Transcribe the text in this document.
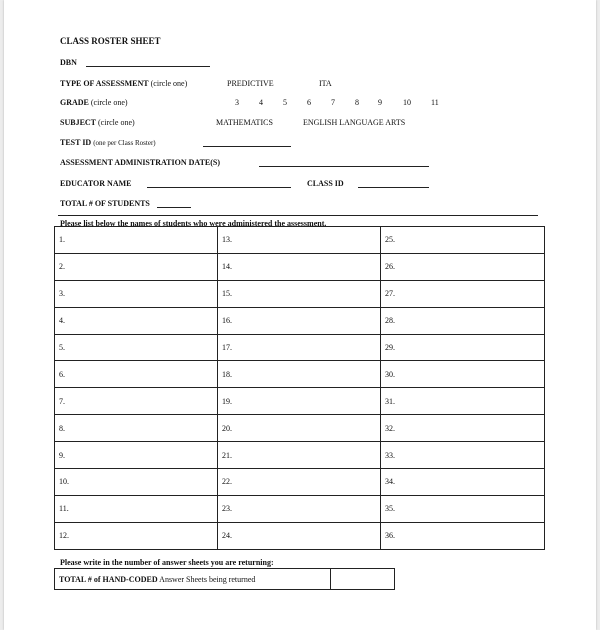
CLASS ROSTER SHEET
DBN
TYPE OF ASSESSMENT (circle one)	PREDICTIVE	ITA
GRADE (circle one)	3	4	5	6	7	8 9	10	11
SUBJECT (circle one)	MATHEMATICS	ENGLISH LANGUAGE ARTS
TEST ID (one per Class Roster)
ASSESSMENT ADMINISTRATION DATE(S)
EDUCATOR NAME	CLASS ID
TOTAL # OF STUDENTS
Please list below the names of students who were administered the assessment.
1.	13.	25.
2.	14.	26.
3.	15.	27.
4.	16.	28.
5.	17.	29.
6.	18.	30.
7.	19.	31.
8.	20.	32.
9.	21.	33.
10.	22.	34.
11.	23.	35.
12.	24.	36.
Please write in the number of answer sheets you are returning:
TOTAL # of HAND-CODED Answer Sheets being returned	
